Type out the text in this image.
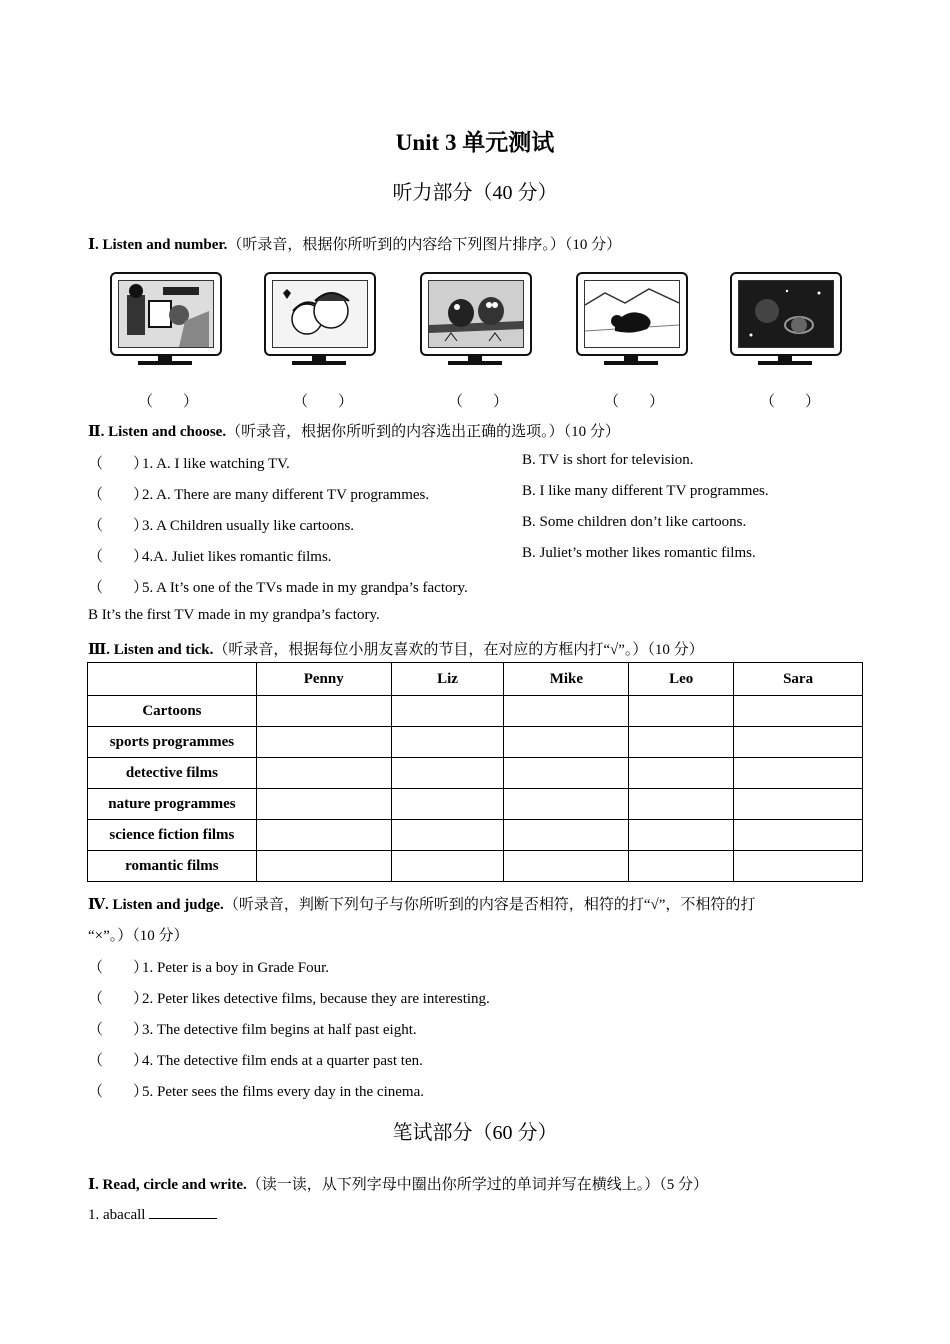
Unit 3 单元测试
听力部分（40 分）
Ⅰ. Listen and number.（听录音，根据你所听到的内容给下列图片排序。）（10 分）
（　　）	（　　）	（　　）	（　　）	（　　）
Ⅱ. Listen and choose.（听录音，根据你所听到的内容选出正确的选项。）（10 分）
（　　）1. A. I like watching TV.	B. TV is short for television.
（　　）2. A. There are many different TV programmes.	B. I like many different TV programmes.
（　　）3. A Children usually like cartoons.	B. Some children don’t like cartoons.
（　　）4.A. Juliet likes romantic films.	B. Juliet’s mother likes romantic films.
（　　）5. A It’s one of the TVs made in my grandpa’s factory.
B It’s the first TV made in my grandpa’s factory.
Ⅲ. Listen and tick.（听录音，根据每位小朋友喜欢的节目，在对应的方框内打“√”。）（10 分）
	Penny	Liz	Mike	Leo	Sara
Cartoons					
sports programmes					
detective films					
nature programmes					
science fiction films					
romantic films					
Ⅳ. Listen and judge.（听录音，判断下列句子与你所听到的内容是否相符，相符的打“√”，不相符的打
“×”。）（10 分）
（　　）1. Peter is a boy in Grade Four.
（　　）2. Peter likes detective films, because they are interesting.
（　　）3. The detective film begins at half past eight.
（　　）4. The detective film ends at a quarter past ten.
（　　）5. Peter sees the films every day in the cinema.
笔试部分（60 分）
Ⅰ. Read, circle and write.（读一读，从下列字母中圈出你所学过的单词并写在横线上。）（5 分）
1. abacall
